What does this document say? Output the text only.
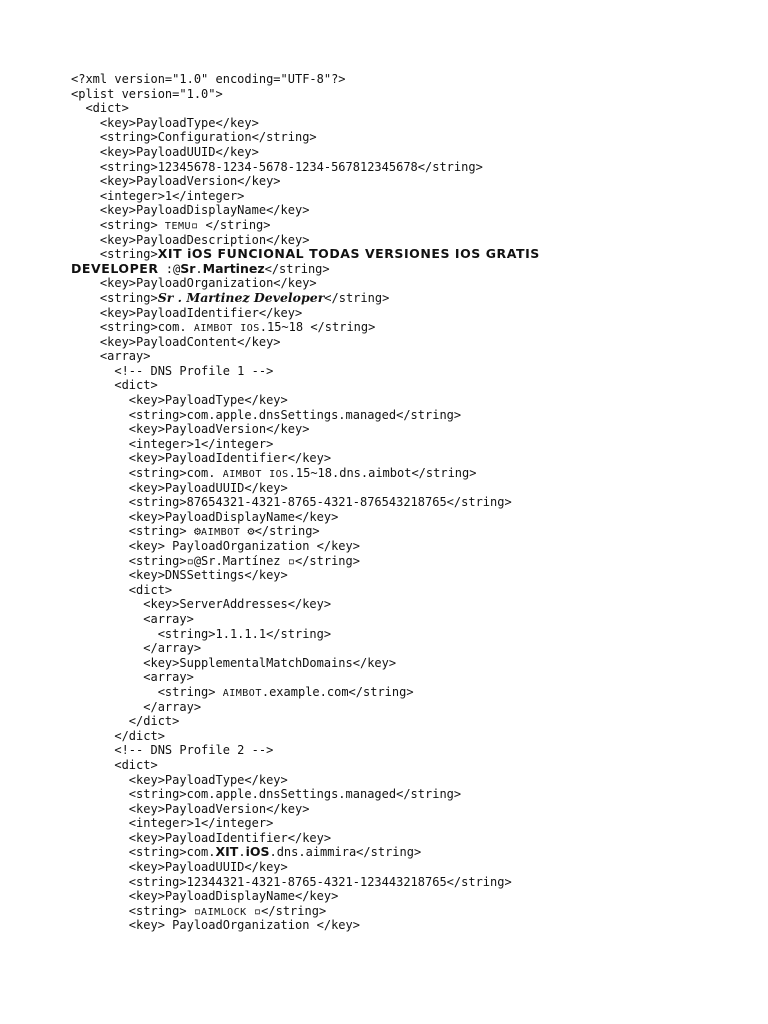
<?xml version="1.0" encoding="UTF-8"?>
<plist version="1.0">
<dict>
<key>PayloadType</key>
<string>Configuration</string>
<key>PayloadUUID</key>
<string>12345678-1234-5678-1234-567812345678</string>
<key>PayloadVersion</key>
<integer>1</integer>
<key>PayloadDisplayName</key>
<string> TEMU▫ </string>
<key>PayloadDescription</key>
<string>XIT iOS FUNCIONAL TODAS VERSIONES IOS GRATIS
DEVELOPER :@Sr.Martinez</string>
<key>PayloadOrganization</key>
<string>Sr . Martinez Developer</string>
<key>PayloadIdentifier</key>
<string>com. AIMBOT IOS.15~18 </string>
<key>PayloadContent</key>
<array>
<!-- DNS Profile 1 -->
<dict>
<key>PayloadType</key>
<string>com.apple.dnsSettings.managed</string>
<key>PayloadVersion</key>
<integer>1</integer>
<key>PayloadIdentifier</key>
<string>com. AIMBOT IOS.15~18.dns.aimbot</string>
<key>PayloadUUID</key>
<string>87654321-4321-8765-4321-876543218765</string>
<key>PayloadDisplayName</key>
<string> ⚙AIMBOT ⚙</string>
<key> PayloadOrganization </key>
<string>▫@Sr.Martínez ▫</string>
<key>DNSSettings</key>
<dict>
<key>ServerAddresses</key>
<array>
<string>1.1.1.1</string>
</array>
<key>SupplementalMatchDomains</key>
<array>
<string> AIMBOT.example.com</string>
</array>
</dict>
</dict>
<!-- DNS Profile 2 -->
<dict>
<key>PayloadType</key>
<string>com.apple.dnsSettings.managed</string>
<key>PayloadVersion</key>
<integer>1</integer>
<key>PayloadIdentifier</key>
<string>com.XIT.iOS.dns.aimmira</string>
<key>PayloadUUID</key>
<string>12344321-4321-8765-4321-123443218765</string>
<key>PayloadDisplayName</key>
<string> ▫AIMLOCK ▫</string>
<key> PayloadOrganization </key>
